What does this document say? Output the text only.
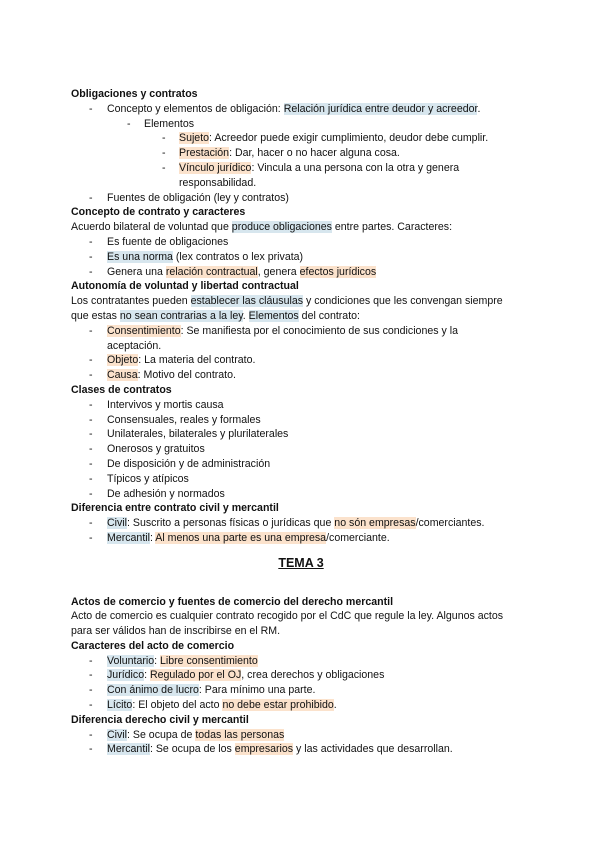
Obligaciones y contratos
- Concepto y elementos de obligación: Relación jurídica entre deudor y acreedor.
- Elementos
- Sujeto: Acreedor puede exigir cumplimiento, deudor debe cumplir.
- Prestación: Dar, hacer o no hacer alguna cosa.
- Vínculo jurídico: Vincula a una persona con la otra y genera
responsabilidad.
- Fuentes de obligación (ley y contratos)
Concepto de contrato y caracteres
Acuerdo bilateral de voluntad que produce obligaciones entre partes. Caracteres:
- Es fuente de obligaciones
- Es una norma (lex contratos o lex privata)
- Genera una relación contractual, genera efectos jurídicos
Autonomía de voluntad y libertad contractual
Los contratantes pueden establecer las cláusulas y condiciones que les convengan siempre
que estas no sean contrarias a la ley. Elementos del contrato:
- Consentimiento: Se manifiesta por el conocimiento de sus condiciones y la
aceptación.
- Objeto: La materia del contrato.
- Causa: Motivo del contrato.
Clases de contratos
- Intervivos y mortis causa
- Consensuales, reales y formales
- Unilaterales, bilaterales y plurilaterales
- Onerosos y gratuitos
- De disposición y de administración
- Típicos y atípicos
- De adhesión y normados
Diferencia entre contrato civil y mercantil
- Civil: Suscrito a personas físicas o jurídicas que no són empresas/comerciantes.
- Mercantil: Al menos una parte es una empresa/comerciante.
TEMA 3
Actos de comercio y fuentes de comercio del derecho mercantil
Acto de comercio es cualquier contrato recogido por el CdC que regule la ley. Algunos actos
para ser válidos han de inscribirse en el RM.
Caracteres del acto de comercio
- Voluntario: Libre consentimiento
- Jurídico: Regulado por el OJ, crea derechos y obligaciones
- Con ánimo de lucro: Para mínimo una parte.
- Lícito: El objeto del acto no debe estar prohibido.
Diferencia derecho civil y mercantil
- Civil: Se ocupa de todas las personas
- Mercantil: Se ocupa de los empresarios y las actividades que desarrollan.
